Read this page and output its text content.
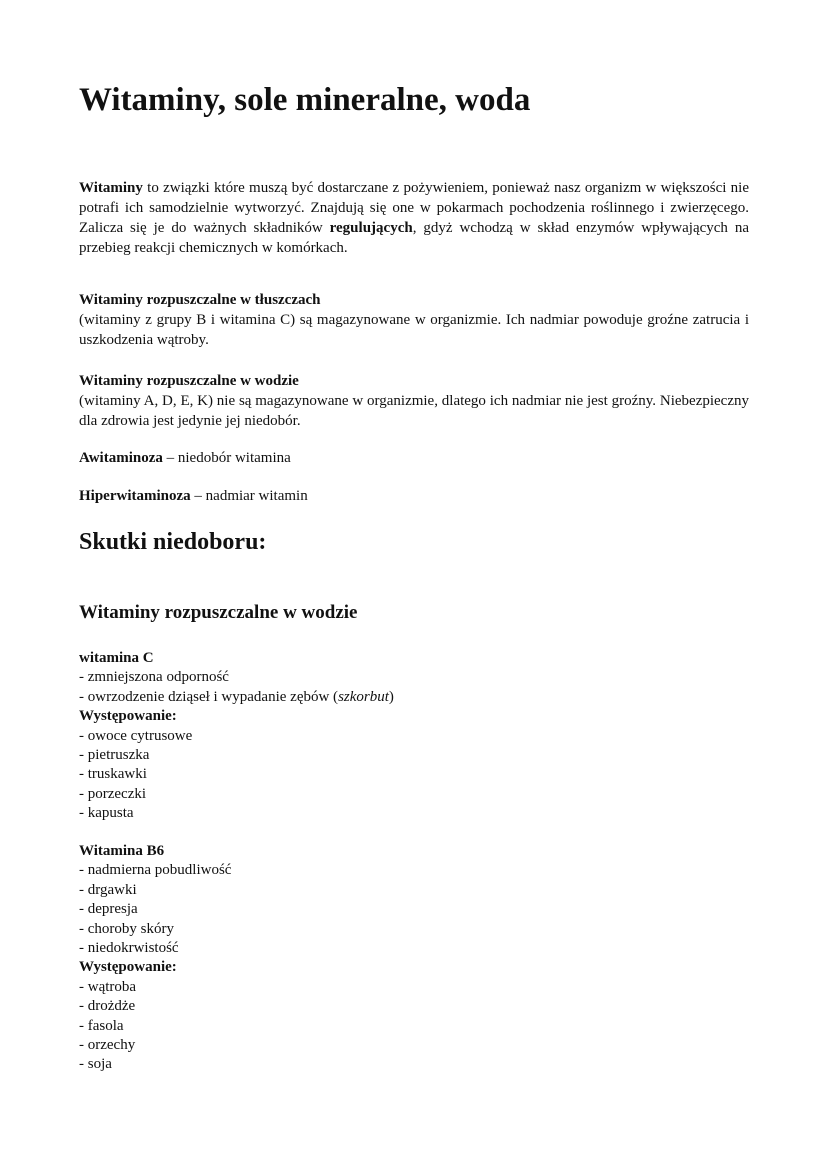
Witaminy, sole mineralne, woda

Witaminy to związki które muszą być dostarczane z pożywieniem, ponieważ nasz organizm w większości nie potrafi ich samodzielnie wytworzyć. Znajdują się one w pokarmach pochodzenia roślinnego i zwierzęcego. Zalicza się je do ważnych składników regulujących, gdyż wchodzą w skład enzymów wpływających na przebieg reakcji chemicznych w komórkach.

Witaminy rozpuszczalne w tłuszczach
(witaminy z grupy B i witamina C) są magazynowane w organizmie. Ich nadmiar powoduje groźne zatrucia i uszkodzenia wątroby.
Witaminy rozpuszczalne w wodzie
(witaminy A, D, E, K) nie są magazynowane w organizmie, dlatego ich nadmiar nie jest groźny. Niebezpieczny dla zdrowia jest jedynie jej niedobór.
Awitaminoza – niedobór witamina
Hiperwitaminoza – nadmiar witamin
Skutki niedoboru:
Witaminy rozpuszczalne w wodzie
witamina C
- zmniejszona odporność
- owrzodzenie dziąseł i wypadanie zębów (szkorbut)
Występowanie:
- owoce cytrusowe
- pietruszka
- truskawki
- porzeczki
- kapusta
Witamina B6
- nadmierna pobudliwość
- drgawki
- depresja
- choroby skóry
- niedokrwistość
Występowanie:
- wątroba
- drożdże
- fasola
- orzechy
- soja
